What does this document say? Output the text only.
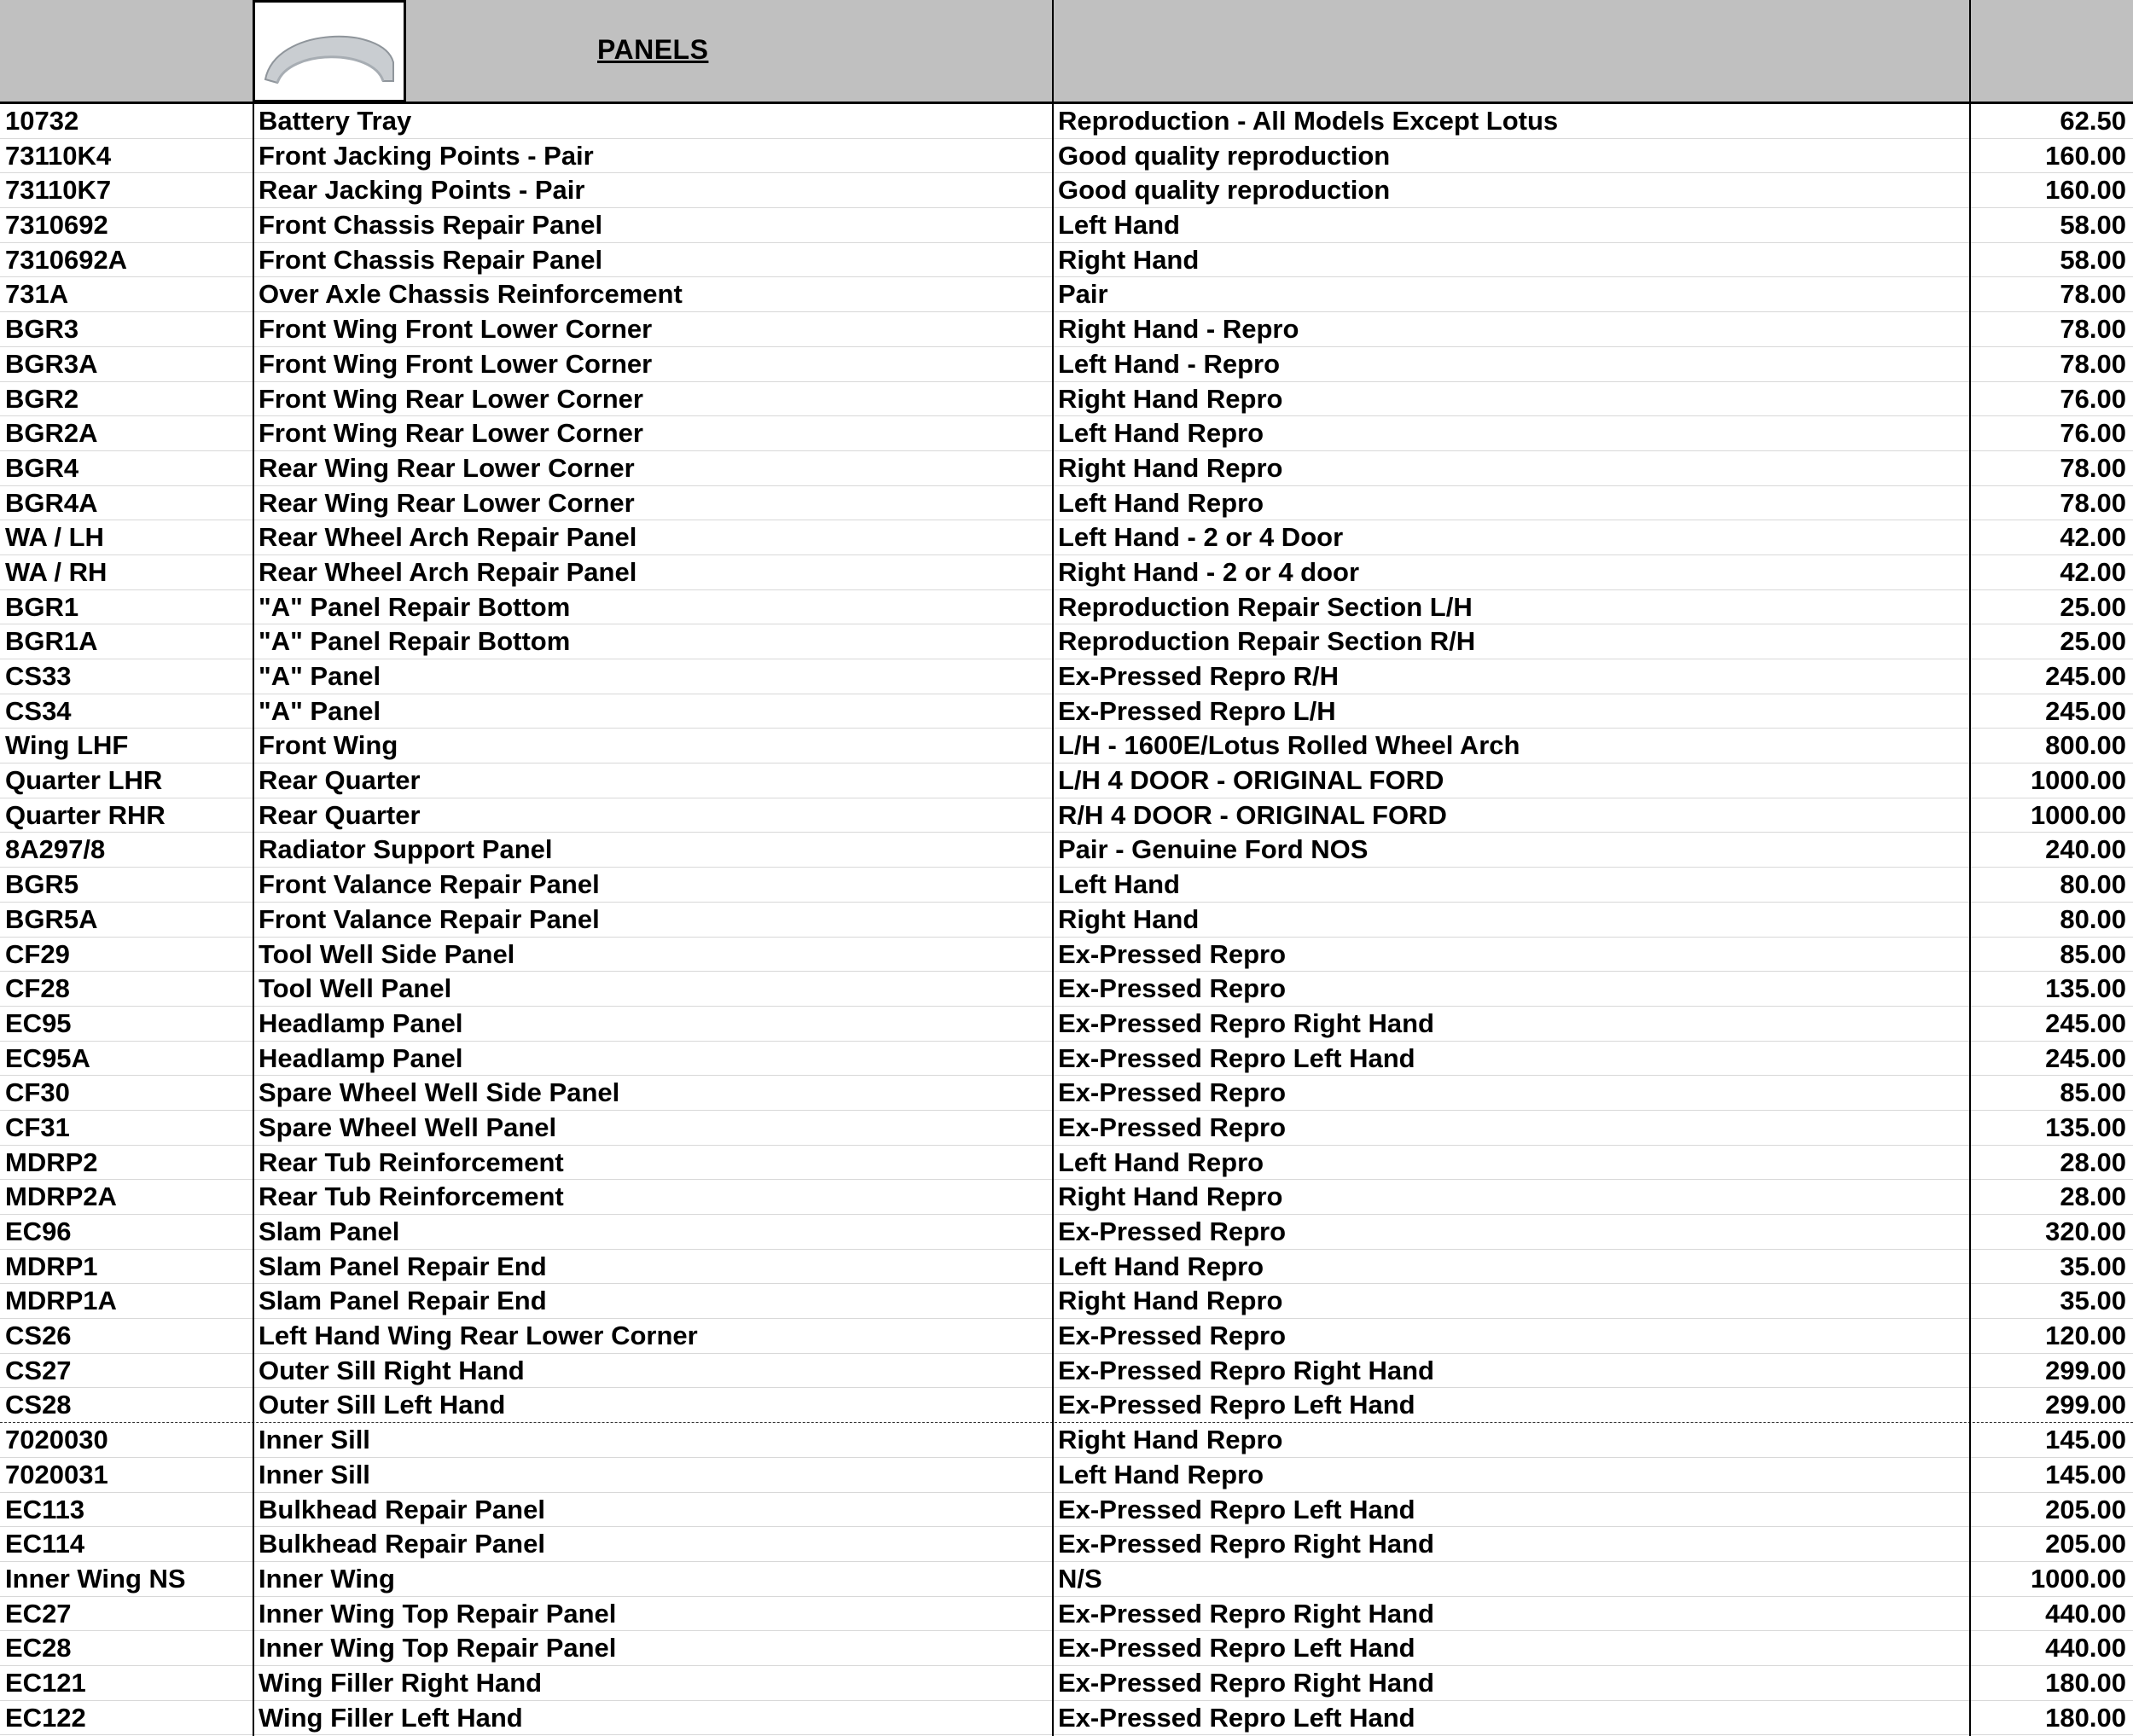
PANELS
10732	Battery Tray	Reproduction - All Models Except Lotus	62.50
73110K4	Front Jacking Points - Pair	Good quality reproduction	160.00
73110K7	Rear Jacking Points - Pair	Good quality reproduction	160.00
7310692	Front Chassis Repair Panel	Left Hand	58.00
7310692A	Front Chassis Repair Panel	Right Hand	58.00
731A	Over Axle Chassis Reinforcement	Pair	78.00
BGR3	Front Wing Front Lower Corner	Right Hand - Repro	78.00
BGR3A	Front Wing Front Lower Corner	Left Hand - Repro	78.00
BGR2	Front Wing Rear Lower Corner	Right Hand Repro	76.00
BGR2A	Front Wing Rear Lower Corner	Left Hand Repro	76.00
BGR4	Rear Wing Rear Lower Corner	Right Hand Repro	78.00
BGR4A	Rear Wing Rear Lower Corner	Left Hand Repro	78.00
WA / LH	Rear Wheel Arch Repair Panel	Left Hand - 2 or 4 Door	42.00
WA / RH	Rear Wheel Arch Repair Panel	Right Hand - 2 or 4 door	42.00
BGR1	"A" Panel Repair Bottom	Reproduction Repair Section L/H	25.00
BGR1A	"A" Panel Repair Bottom	Reproduction Repair Section R/H	25.00
CS33	"A" Panel	Ex-Pressed Repro R/H	245.00
CS34	"A" Panel	Ex-Pressed Repro L/H	245.00
Wing LHF	Front Wing	L/H - 1600E/Lotus Rolled Wheel Arch	800.00
Quarter LHR	Rear Quarter	L/H 4 DOOR - ORIGINAL FORD	1000.00
Quarter RHR	Rear Quarter	R/H 4 DOOR - ORIGINAL FORD	1000.00
8A297/8	Radiator Support Panel	Pair - Genuine Ford NOS	240.00
BGR5	Front Valance Repair Panel	Left Hand	80.00
BGR5A	Front Valance Repair Panel	Right Hand	80.00
CF29	Tool Well Side Panel	Ex-Pressed Repro	85.00
CF28	Tool Well Panel	Ex-Pressed Repro	135.00
EC95	Headlamp Panel	Ex-Pressed Repro Right Hand	245.00
EC95A	Headlamp Panel	Ex-Pressed Repro Left Hand	245.00
CF30	Spare Wheel Well Side Panel	Ex-Pressed Repro	85.00
CF31	Spare Wheel Well Panel	Ex-Pressed Repro	135.00
MDRP2	Rear Tub Reinforcement	Left Hand Repro	28.00
MDRP2A	Rear Tub Reinforcement	Right Hand Repro	28.00
EC96	Slam Panel	Ex-Pressed Repro	320.00
MDRP1	Slam Panel Repair End	Left Hand Repro	35.00
MDRP1A	Slam Panel Repair End	Right Hand Repro	35.00
CS26	Left Hand Wing Rear Lower Corner	Ex-Pressed Repro	120.00
CS27	Outer Sill Right Hand	Ex-Pressed Repro Right Hand	299.00
CS28	Outer Sill Left Hand	Ex-Pressed Repro Left Hand	299.00
7020030	Inner Sill	Right Hand Repro	145.00
7020031	Inner Sill	Left Hand Repro	145.00
EC113	Bulkhead Repair Panel	Ex-Pressed Repro Left Hand	205.00
EC114	Bulkhead Repair Panel	Ex-Pressed Repro Right Hand	205.00
Inner Wing NS	Inner Wing	N/S	1000.00
EC27	Inner Wing Top Repair Panel	Ex-Pressed Repro Right Hand	440.00
EC28	Inner Wing Top Repair Panel	Ex-Pressed Repro Left Hand	440.00
EC121	Wing Filler Right Hand	Ex-Pressed Repro Right Hand	180.00
EC122	Wing Filler Left Hand	Ex-Pressed Repro Left Hand	180.00
